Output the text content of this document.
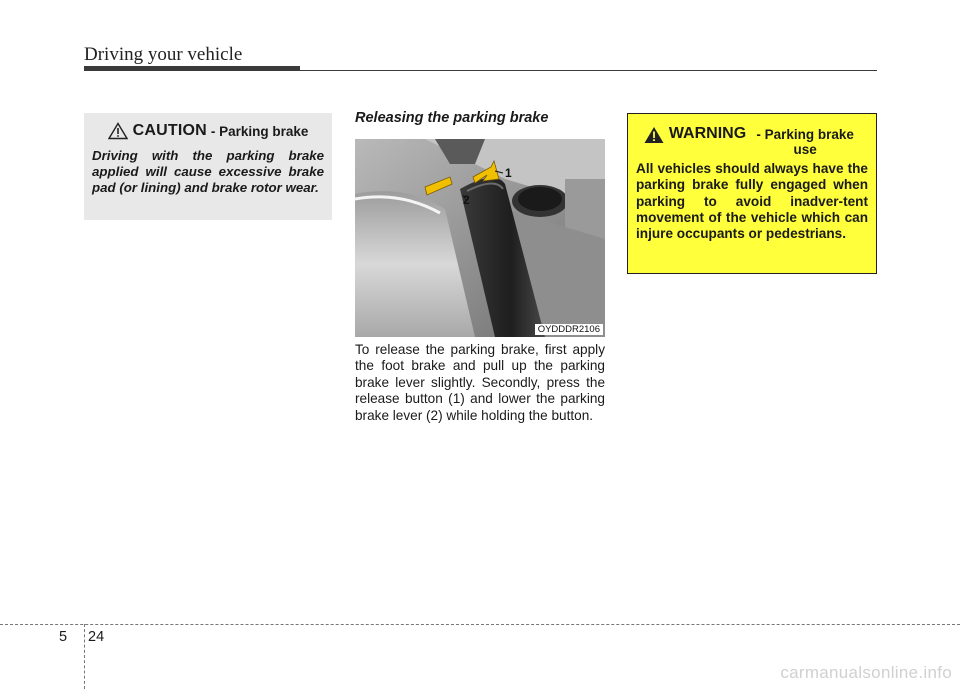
Driving your vehicle
CAUTION - Parking brake
Driving with the parking brake applied will cause excessive brake pad (or lining) and brake rotor wear.
Releasing the parking brake
1
2
OYDDDR2106
To release the parking brake, first apply the foot brake and pull up the parking brake lever slightly. Secondly, press the release button (1) and lower the parking brake lever (2) while holding the button.
WARNING - Parking brake use
All vehicles should always have the parking brake fully engaged when parking to avoid inadver-tent movement of the vehicle which can injure occupants or pedestrians.
5 24
carmanualsonline.info
